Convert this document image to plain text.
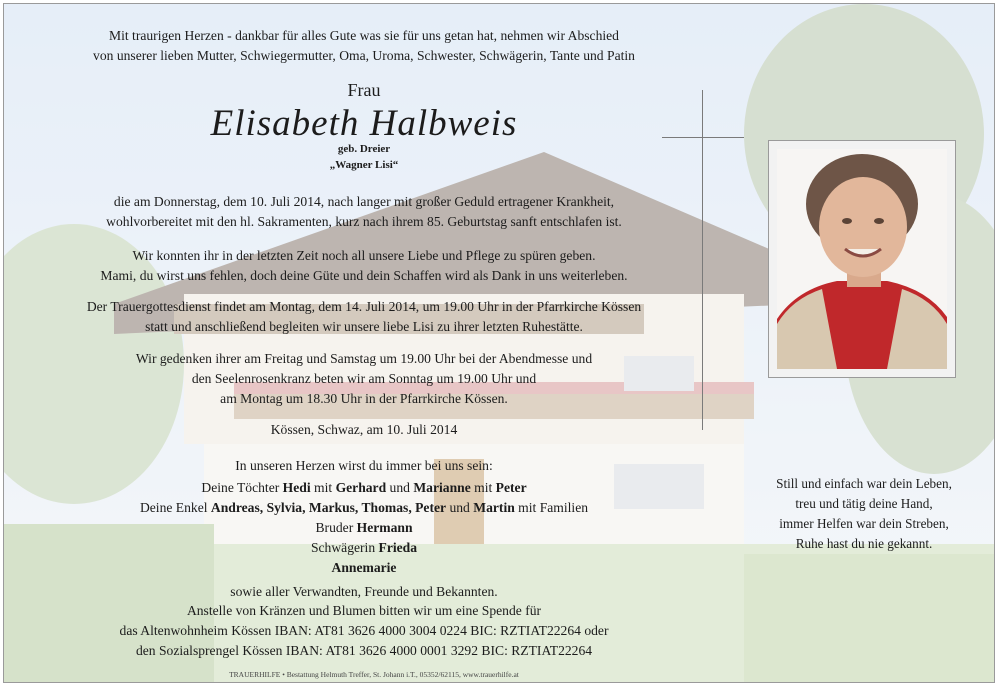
Mit traurigen Herzen - dankbar für alles Gute was sie für uns getan hat, nehmen wir Abschied
von unserer lieben Mutter, Schwiegermutter, Oma, Uroma, Schwester, Schwägerin, Tante und Patin
Frau
Elisabeth Halbweis
geb. Dreier
„Wagner Lisi“
die am Donnerstag, dem 10. Juli 2014, nach langer mit großer Geduld ertragener Krankheit,
wohlvorbereitet mit den hl. Sakramenten, kurz nach ihrem 85. Geburtstag sanft entschlafen ist.
Wir konnten ihr in der letzten Zeit noch all unsere Liebe und Pflege zu spüren geben.
Mami, du wirst uns fehlen, doch deine Güte und dein Schaffen wird als Dank in uns weiterleben.
Der Trauergottesdienst findet am Montag, dem 14. Juli 2014, um 19.00 Uhr in der Pfarrkirche Kössen
statt und anschließend begleiten wir unsere liebe Lisi zu ihrer letzten Ruhestätte.
Wir gedenken ihrer am Freitag und Samstag um 19.00 Uhr bei der Abendmesse und
den Seelenrosenkranz beten wir am Sonntag um 19.00 Uhr und
am Montag um 18.30 Uhr in der Pfarrkirche Kössen.
Kössen, Schwaz, am 10. Juli 2014
In unseren Herzen wirst du immer bei uns sein:
Deine Töchter Hedi mit Gerhard und Marianne mit Peter
Deine Enkel Andreas, Sylvia, Markus, Thomas, Peter und Martin mit Familien
Bruder Hermann
Schwägerin Frieda
Annemarie
sowie aller Verwandten, Freunde und Bekannten.
Anstelle von Kränzen und Blumen bitten wir um eine Spende für
das Altenwohnheim Kössen IBAN: AT81 3626 4000 3004 0224 BIC: RZTIAT22264 oder
den Sozialsprengel Kössen IBAN: AT81 3626 4000 0001 3292 BIC: RZTIAT22264
Still und einfach war dein Leben,
treu und tätig deine Hand,
immer Helfen war dein Streben,
Ruhe hast du nie gekannt.
TRAUERHILFE • Bestattung Helmuth Treffer, St. Johann i.T., 05352/62115, www.trauerhilfe.at
